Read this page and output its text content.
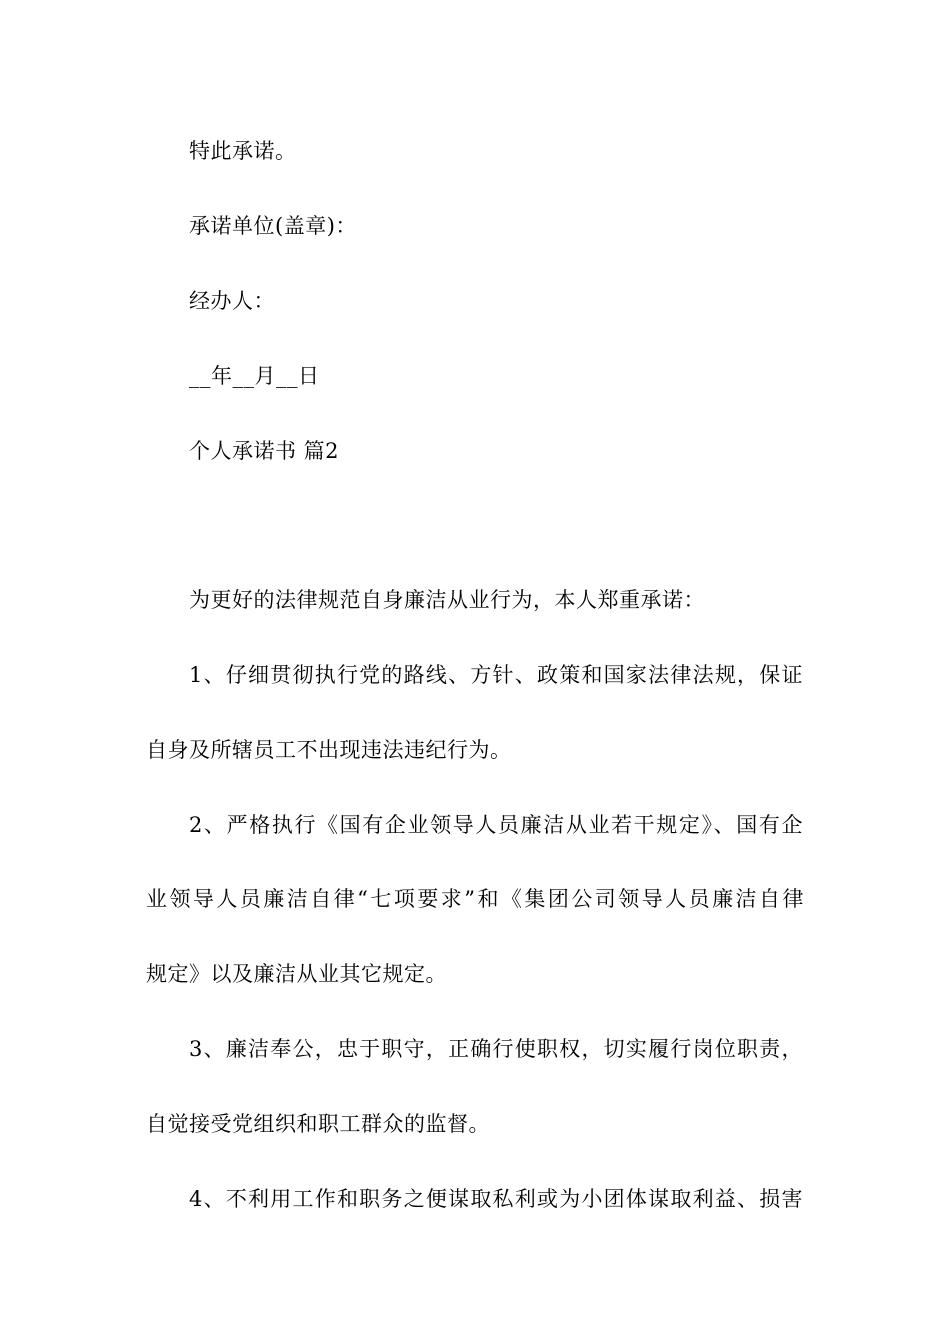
特此承诺。
承诺单位(盖章)：
经办人：
__年__月__日
个人承诺书 篇2
为更好的法律规范自身廉洁从业行为，本人郑重承诺：
1、仔细贯彻执行党的路线、方针、政策和国家法律法规，保证
自身及所辖员工不出现违法违纪行为。
2、严格执行《国有企业领导人员廉洁从业若干规定》、国有企
业领导人员廉洁自律“七项要求”和《集团公司领导人员廉洁自律
规定》以及廉洁从业其它规定。
3、廉洁奉公，忠于职守，正确行使职权，切实履行岗位职责，
自觉接受党组织和职工群众的监督。
4、不利用工作和职务之便谋取私利或为小团体谋取利益、损害
